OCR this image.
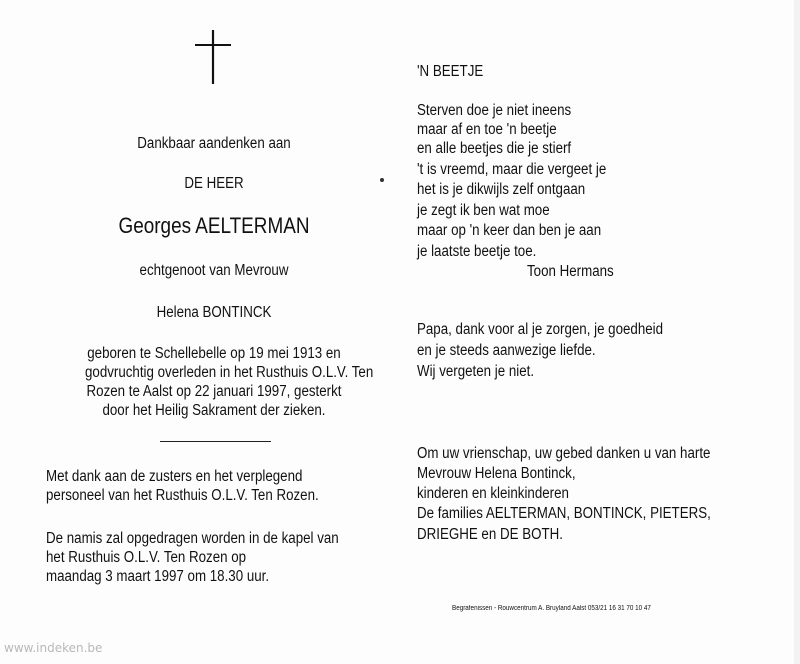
Dankbaar aandenken aan
DE HEER
Georges AELTERMAN
echtgenoot van Mevrouw
Helena BONTINCK
geboren te Schellebelle op 19 mei 1913 en
godvruchtig overleden in het Rusthuis O.L.V. Ten
Rozen te Aalst op 22 januari 1997, gesterkt
door het Heilig Sakrament der zieken.
Met dank aan de zusters en het verplegend
personeel van het Rusthuis O.L.V. Ten Rozen.
De namis zal opgedragen worden in de kapel van
het Rusthuis O.L.V. Ten Rozen op
maandag 3 maart 1997 om 18.30 uur.
'N BEETJE
Sterven doe je niet ineens
maar af en toe 'n beetje
en alle beetjes die je stierf
't is vreemd, maar die vergeet je
het is je dikwijls zelf ontgaan
je zegt ik ben wat moe
maar op 'n keer dan ben je aan
je laatste beetje toe.
Toon Hermans
Papa, dank voor al je zorgen, je goedheid
en je steeds aanwezige liefde.
Wij vergeten je niet.
Om uw vrienschap, uw gebed danken u van harte
Mevrouw Helena Bontinck,
kinderen en kleinkinderen
De families AELTERMAN, BONTINCK, PIETERS,
DRIEGHE en DE BOTH.
Begrafenissen - Rouwcentrum A. Bruyland Aalst 053/21 16 31 70 10 47
www.indeken.be
